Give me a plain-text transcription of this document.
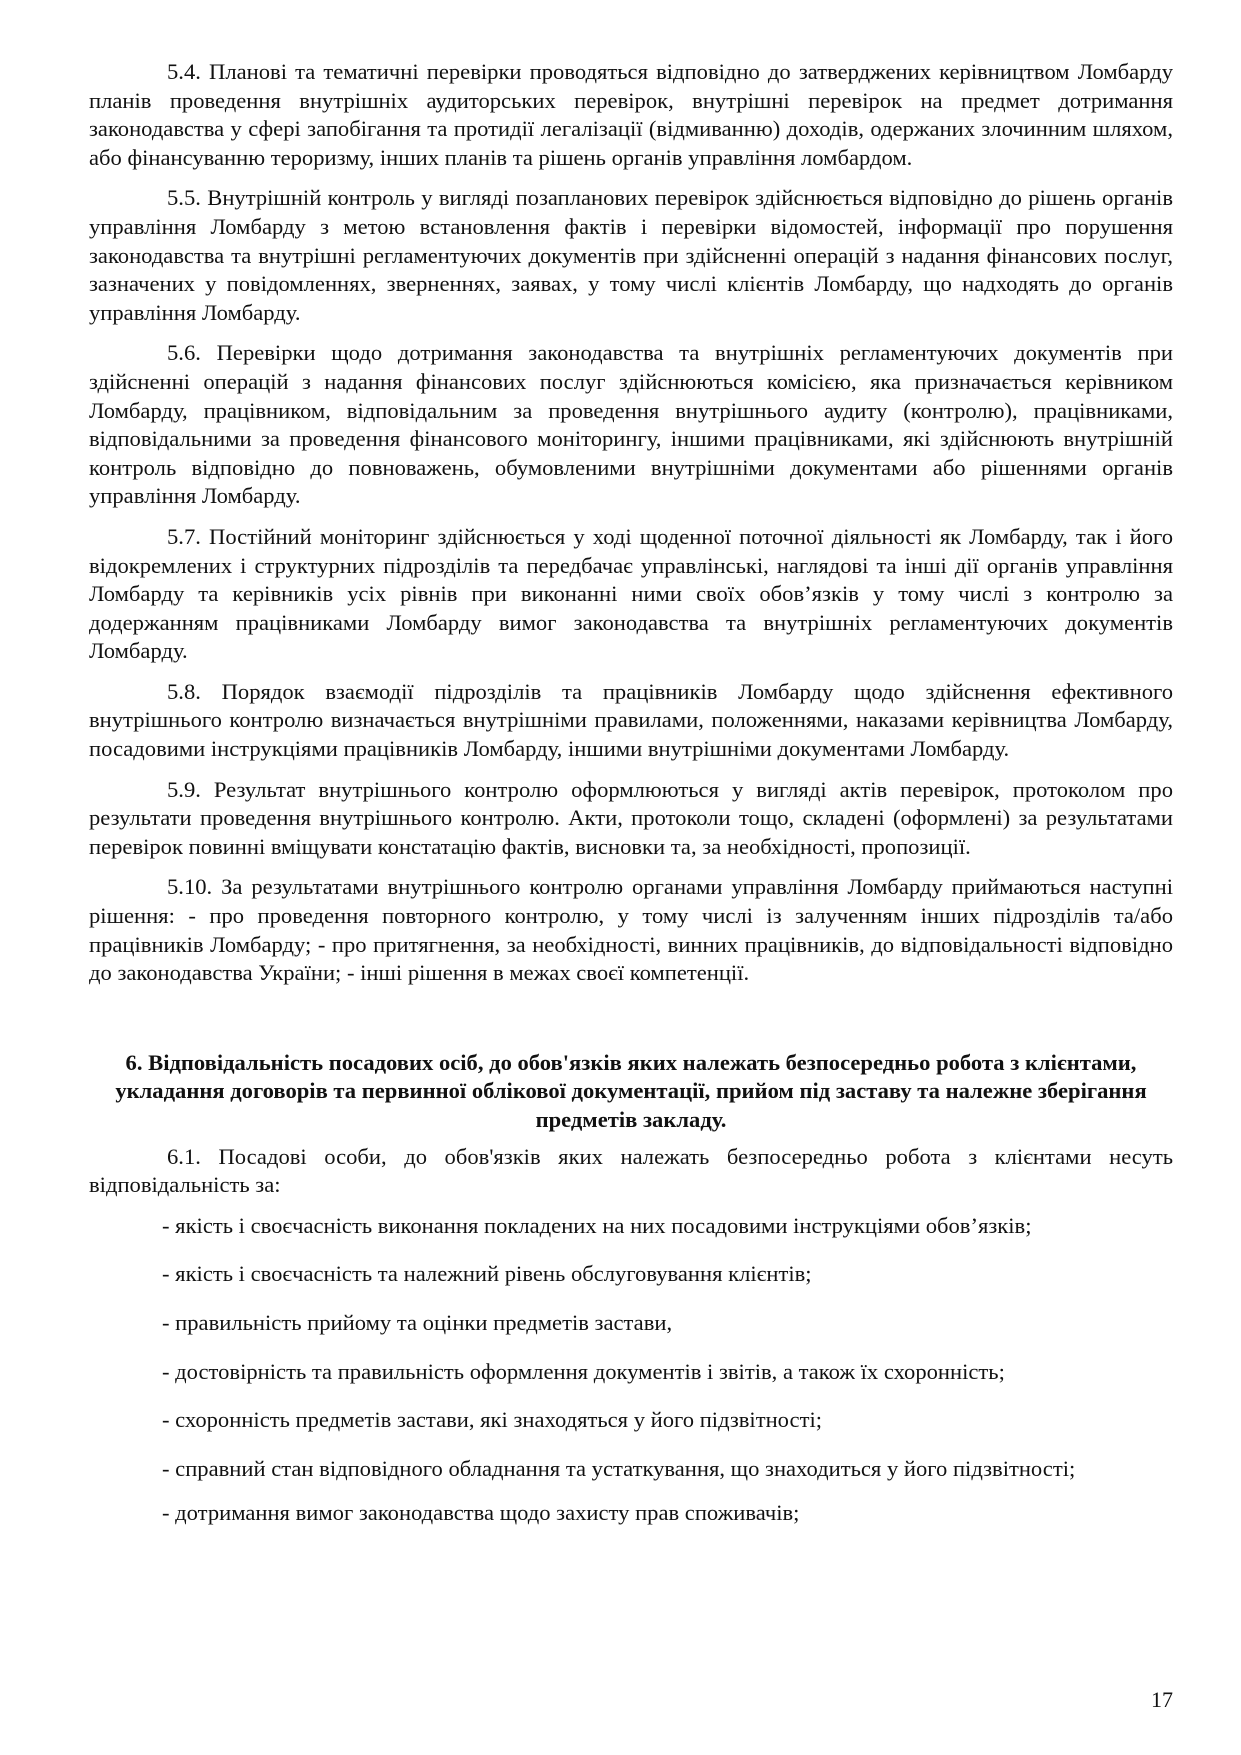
5.4. Планові та тематичні перевірки проводяться відповідно до затверджених керівництвом Ломбарду планів проведення внутрішніх аудиторських перевірок, внутрішні перевірок на предмет дотримання законодавства у сфері запобігання та протидії легалізації (відмиванню) доходів, одержаних злочинним шляхом, або фінансуванню тероризму, інших планів та рішень органів управління ломбардом.

5.5. Внутрішній контроль у вигляді позапланових перевірок здійснюється відповідно до рішень органів управління Ломбарду з метою встановлення фактів і перевірки відомостей, інформації про порушення законодавства та внутрішні регламентуючих документів при здійсненні операцій з надання фінансових послуг, зазначених у повідомленнях, зверненнях, заявах, у тому числі клієнтів Ломбарду, що надходять до органів управління Ломбарду.

5.6. Перевірки щодо дотримання законодавства та внутрішніх регламентуючих документів при здійсненні операцій з надання фінансових послуг здійснюються комісією, яка призначається керівником Ломбарду, працівником, відповідальним за проведення внутрішнього аудиту (контролю), працівниками, відповідальними за проведення фінансового моніторингу, іншими працівниками, які здійснюють внутрішній контроль відповідно до повноважень, обумовленими внутрішніми документами або рішеннями органів управління Ломбарду.

5.7. Постійний моніторинг здійснюється у ході щоденної поточної діяльності як Ломбарду, так і його відокремлених і структурних підрозділів та передбачає управлінські, наглядові та інші дії органів управління Ломбарду та керівників усіх рівнів при виконанні ними своїх обов’язків у тому числі з контролю за додержанням працівниками Ломбарду вимог законодавства та внутрішніх регламентуючих документів Ломбарду.

5.8. Порядок взаємодії підрозділів та працівників Ломбарду щодо здійснення ефективного внутрішнього контролю визначається внутрішніми правилами, положеннями, наказами керівництва Ломбарду, посадовими інструкціями працівників Ломбарду, іншими внутрішніми документами Ломбарду.

5.9. Результат внутрішнього контролю оформлюються у вигляді актів перевірок, протоколом про результати проведення внутрішнього контролю. Акти, протоколи тощо, складені (оформлені) за результатами перевірок повинні вміщувати констатацію фактів, висновки та, за необхідності, пропозиції.

5.10. За результатами внутрішнього контролю органами управління Ломбарду приймаються наступні рішення: - про проведення повторного контролю, у тому числі із залученням інших підрозділів та/або працівників Ломбарду; - про притягнення, за необхідності, винних працівників, до відповідальності відповідно до законодавства України; - інші рішення в межах своєї компетенції.

6. Відповідальність посадових осіб, до обов'язків яких належать безпосередньо робота з клієнтами, укладання договорів та первинної облікової документації, прийом під заставу та належне зберігання предметів закладу.

6.1. Посадові особи, до обов'язків яких належать безпосередньо робота з клієнтами несуть відповідальність за:

- якість і своєчасність виконання покладених на них посадовими інструкціями обов’язків;

- якість і своєчасність та належний рівень обслуговування клієнтів;

- правильність прийому та оцінки предметів застави,

- достовірність та правильність оформлення документів і звітів, а також їх схоронність;

- схоронність предметів застави, які знаходяться у його підзвітності;

- справний стан відповідного обладнання та устаткування, що знаходиться у його підзвітності;

- дотримання вимог законодавства щодо захисту прав споживачів;

17
